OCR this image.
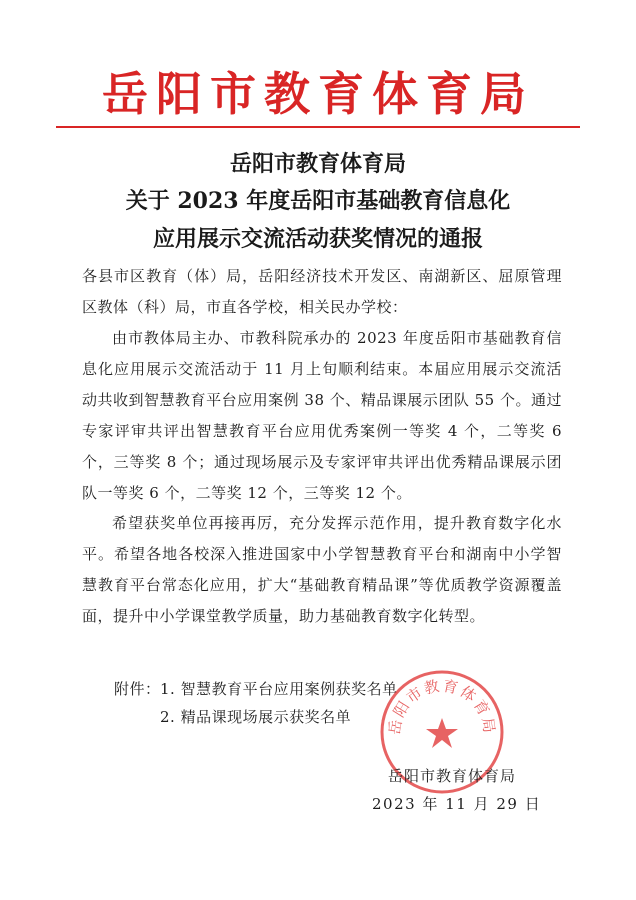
岳阳市教育体育局
岳阳市教育体育局
关于 2023 年度岳阳市基础教育信息化
应用展示交流活动获奖情况的通报
各县市区教育（体）局，岳阳经济技术开发区、南湖新区、屈原管理区教体（科）局，市直各学校，相关民办学校：
由市教体局主办、市教科院承办的 2023 年度岳阳市基础教育信息化应用展示交流活动于 11 月上旬顺利结束。本届应用展示交流活动共收到智慧教育平台应用案例 38 个、精品课展示团队 55 个。通过专家评审共评出智慧教育平台应用优秀案例一等奖 4 个，二等奖 6 个，三等奖 8 个；通过现场展示及专家评审共评出优秀精品课展示团队一等奖 6 个，二等奖 12 个，三等奖 12 个。
希望获奖单位再接再厉，充分发挥示范作用，提升教育数字化水平。希望各地各校深入推进国家中小学智慧教育平台和湖南中小学智慧教育平台常态化应用，扩大“基础教育精品课”等优质教学资源覆盖面，提升中小学课堂教学质量，助力基础教育数字化转型。
附件： 1. 智慧教育平台应用案例获奖名单
2. 精品课现场展示获奖名单 岳阳市教育体育局
岳阳市教育体育局
2023 年 11 月 29 日
